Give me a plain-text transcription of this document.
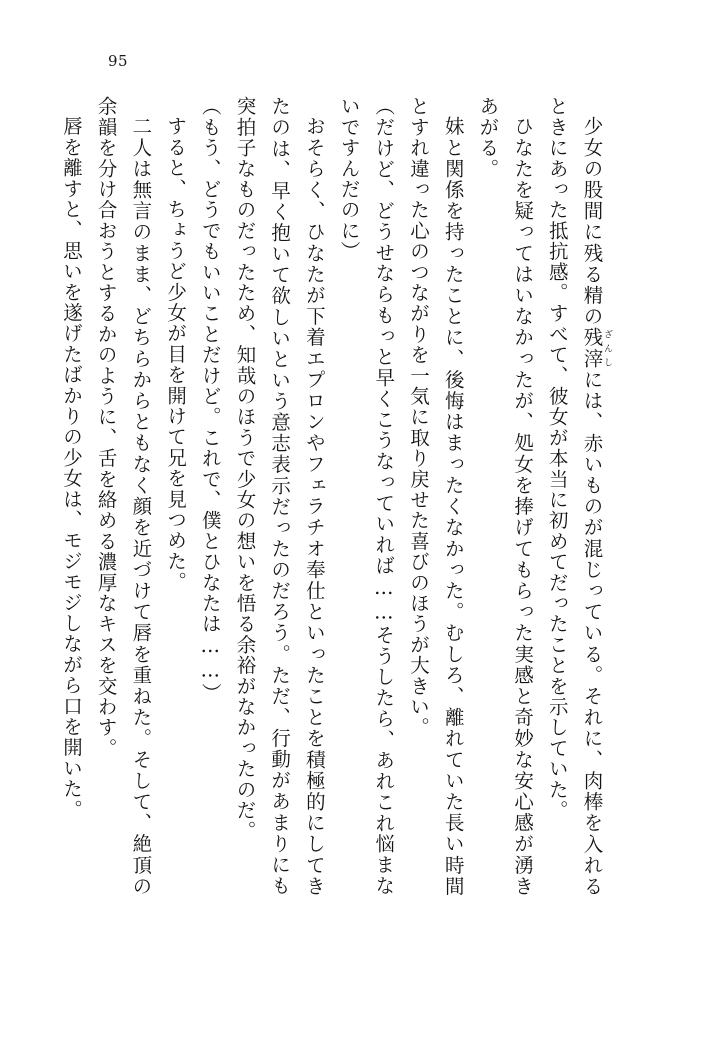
95

少女の股間に残る精の残滓ざんしには、赤いものが混じっている。それに、肉棒を入れるときにあった抵抗感。すべて、彼女が本当に初めてだったことを示していた。

ひなたを疑ってはいなかったが、処女を捧げてもらった実感と奇妙な安心感が湧きあがる。

妹と関係を持ったことに、後悔はまったくなかった。むしろ、離れていた長い時間とすれ違った心のつながりを一気に取り戻せた喜びのほうが大きい。

（だけど、どうせならもっと早くこうなっていれば……そうしたら、あれこれ悩まないですんだのに）

おそらく、ひなたが下着エプロンやフェラチオ奉仕といったことを積極的にしてきたのは、早く抱いて欲しいという意志表示だったのだろう。ただ、行動があまりにも突拍子なものだったため、知哉のほうで少女の想いを悟る余裕がなかったのだ。

（もう、どうでもいいことだけど。これで、僕とひなたは……）

すると、ちょうど少女が目を開けて兄を見つめた。

二人は無言のまま、どちらからともなく顔を近づけて唇を重ねた。そして、絶頂の余韻を分け合おうとするかのように、舌を絡める濃厚なキスを交わす。

唇を離すと、思いを遂げたばかりの少女は、モジモジしながら口を開いた。
